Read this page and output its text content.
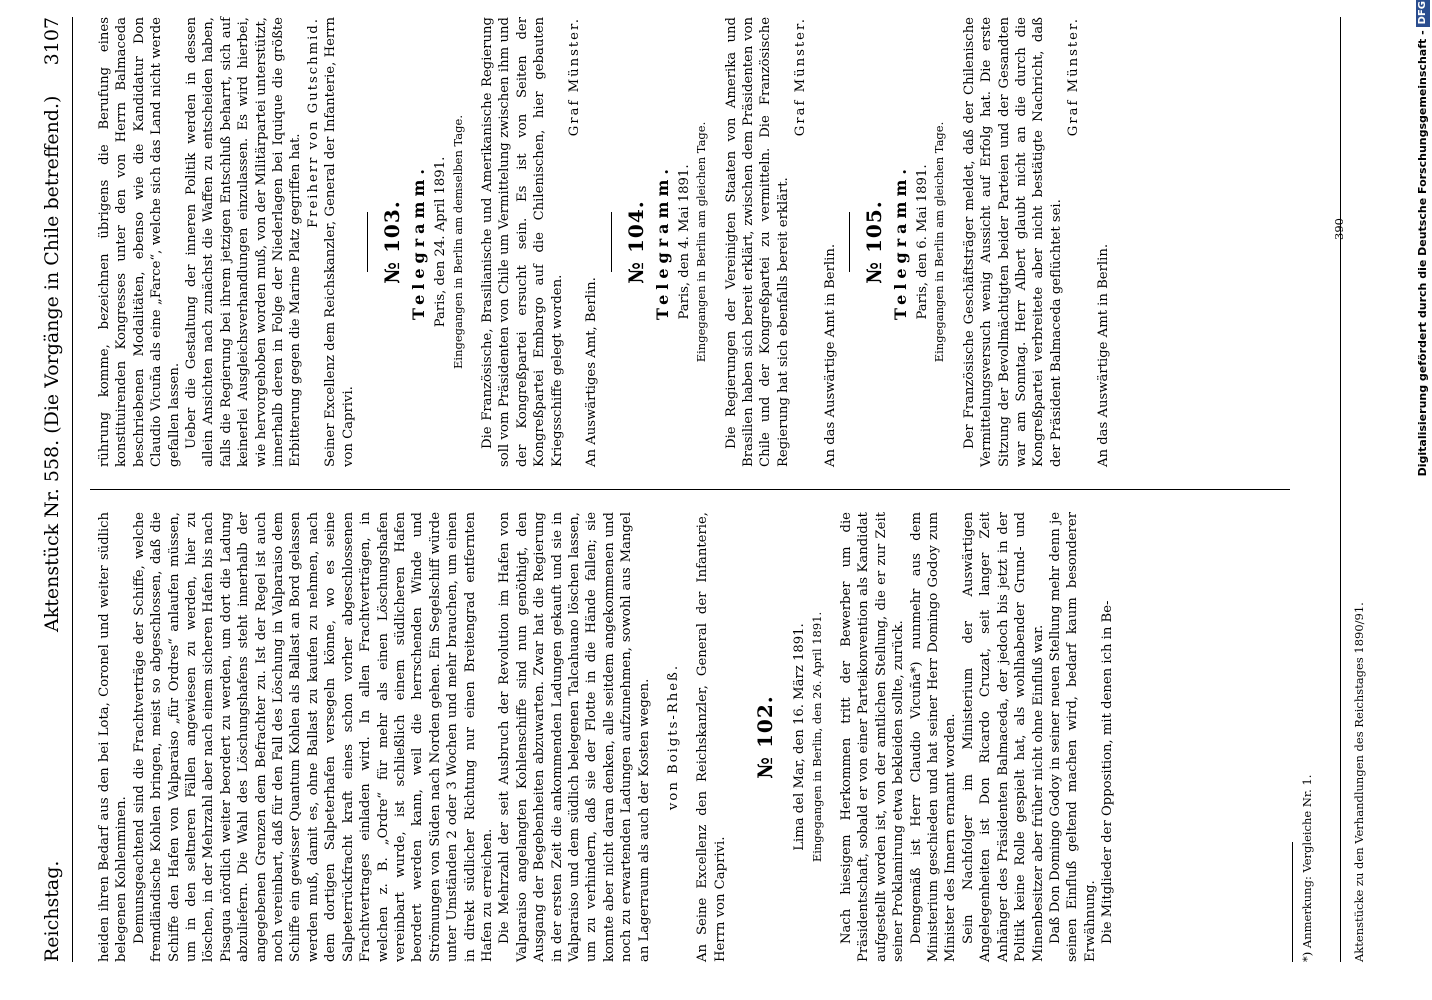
Reichstag.
Aktenstück Nr. 558. (Die Vorgänge in Chile betreffend.)
3107

heiden ihren Bedarf aus den bei Lota, Coronel und weiter südlich belegenen Kohlenminen. Demunsgeachtend sind die Frachtverträge der Schiffe, welche fremdländische Kohlen bringen, meist so abgeschlossen, daß die Schiffe den Hafen von Valparaiso „für Ordres“ anlaufen müssen, um in den seltneren Fällen angewiesen zu werden, hier zu löschen, in der Mehrzahl aber nach einem sicheren Hafen bis nach Pisagua nördlich weiter beordert zu werden, um dort die Ladung abzuliefern. Die Wahl des Löschungshafens steht innerhalb der angegebenen Grenzen dem Befrachter zu. Ist der Regel ist auch noch vereinbart, daß für den Fall des Löschung in Valparaiso dem Schiffe ein gewisser Quantum Kohlen als Ballast an Bord gelassen werden muß, damit es, ohne Ballast zu kaufen zu nehmen, nach dem dortigen Salpeterhafen versegeln könne, wo es seine Salpeterrückfracht kraft eines schon vorher abgeschlossenen Frachtvertrages einladen wird. In allen Frachtverträgen, in welchen z. B. „Ordre“ für mehr als einen Löschungshafen vereinbart wurde, ist schließlich einem südlicheren Hafen beordert werden kann, weil die herrschenden Winde und Strömungen von Süden nach Norden gehen. Ein Segelschiff würde unter Umständen 2 oder 3 Wochen und mehr brauchen, um einen in direkt südlicher Richtung nur einen Breitengrad entfernten Hafen zu erreichen. Die Mehrzahl der seit Ausbruch der Revolution im Hafen von Valparaiso angelangten Kohlenschiffe sind nun genöthigt, den Ausgang der Begebenheiten abzuwarten. Zwar hat die Regierung in der ersten Zeit die ankommenden Ladungen gekauft und sie in Valparaiso und dem südlich belegenen Talcahuano löschen lassen, um zu verhindern, daß sie der Flotte in die Hände fallen; sie konnte aber nicht daran denken, alle seitdem angekommenen und noch zu erwartenden Ladungen aufzunehmen, sowohl aus Mangel an Lagerraum als auch der Kosten wegen. von Boigts-Rheß. An Seine Excellenz den Reichskanzler, General der Infanterie, Herrn von Caprivi.

№ 102. Lima del Mar, den 16. März 1891. Eingegangen in Berlin, den 26. April 1891. Nach hiesigem Herkommen tritt der Bewerber um die Präsidentschaft, sobald er von einer Parteikonvention als Kandidat aufgestellt worden ist, von der amtlichen Stellung, die er zur Zeit seiner Proklamirung etwa bekleiden sollte, zurück. Demgemäß ist Herr Claudio Vicuña*) nunmehr aus dem Ministerium geschieden und hat seiner Herr Domingo Godoy zum Minister des Innern ernannt worden. Sein Nachfolger im Ministerium der Auswärtigen Angelegenheiten ist Don Ricardo Cruzat, seit langer Zeit Anhänger des Präsidenten Balmaceda, der jedoch bis jetzt in der Politik keine Rolle gespielt hat, als wohlhabender Grund- und Minenbesitzer aber früher nicht ohne Einfluß war. Daß Don Domingo Godoy in seiner neuen Stellung mehr denn je seinen Einfluß geltend machen wird, bedarf kaum besonderer Erwähnung. Die Mitglieder der Opposition, mit denen ich in Be-

rührung komme, bezeichnen übrigens die Berufung eines konstituirenden Kongresses unter den von Herrn Balmaceda beschriebenen Modalitäten, ebenso wie die Kandidatur Don Claudio Vicuña als eine „Farce“, welche sich das Land nicht werde gefallen lassen. Ueber die Gestaltung der inneren Politik werden in dessen allein Ansichten nach zunächst die Waffen zu entscheiden haben, falls die Regierung bei ihrem jetzigen Entschluß beharrt, sich auf keinerlei Ausgleichsverhandlungen einzulassen. Es wird hierbei, wie hervorgehoben worden muß, von der Militärpartei unterstützt, innerhalb deren in Folge der Niederlagen bei Iquique die größte Erbitterung gegen die Marine Platz gegriffen hat.

Freiherr von Gutschmid. Seiner Excellenz dem Reichskanzler, General der Infanterie, Herrn von Caprivi.

№ 103. Telegramm. Paris, den 24. April 1891. Eingegangen in Berlin am demselben Tage. Die Französische, Brasilianische und Amerikanische Regierung soll vom Präsidenten von Chile um Vermittelung zwischen ihm und der Kongreßpartei ersucht sein. Es ist von Seiten der Kongreßpartei Embargo auf die Chilenischen, hier gebauten Kriegsschiffe gelegt worden.

Graf Münster.

An Auswärtiges Amt, Berlin.

№ 104. Telegramm. Paris, den 4. Mai 1891. Eingegangen in Berlin am gleichen Tage. Die Regierungen der Vereinigten Staaten von Amerika und Brasilien haben sich bereit erklärt, zwischen dem Präsidenten von Chile und der Kongreßpartei zu vermitteln. Die Französische Regierung hat sich ebenfalls bereit erklärt.

Graf Münster.

An das Auswärtige Amt in Berlin.

№ 105. Telegramm. Paris, den 6. Mai 1891. Eingegangen in Berlin am gleichen Tage. Der Französische Geschäftsträger meldet, daß der Chilenische Vermittelungsversuch wenig Aussicht auf Erfolg hat. Die erste Sitzung der Bevollmächtigten beider Parteien und der Gesandten war am Sonntag. Herr Albert glaubt nicht an die durch die Kongreßpartei verbreitete aber nicht bestätigte Nachricht, daß der Präsident Balmaceda geflüchtet sei.

Graf Münster.

An das Auswärtige Amt in Berlin.

*) Anmerkung: Vergleiche Nr. 1.	Aktenstücke zu den Verhandlungen des Reichstages 1890/91.
390	Digitalisierung gefördert durch die Deutsche Forschungsgemeinschaft -DFG
